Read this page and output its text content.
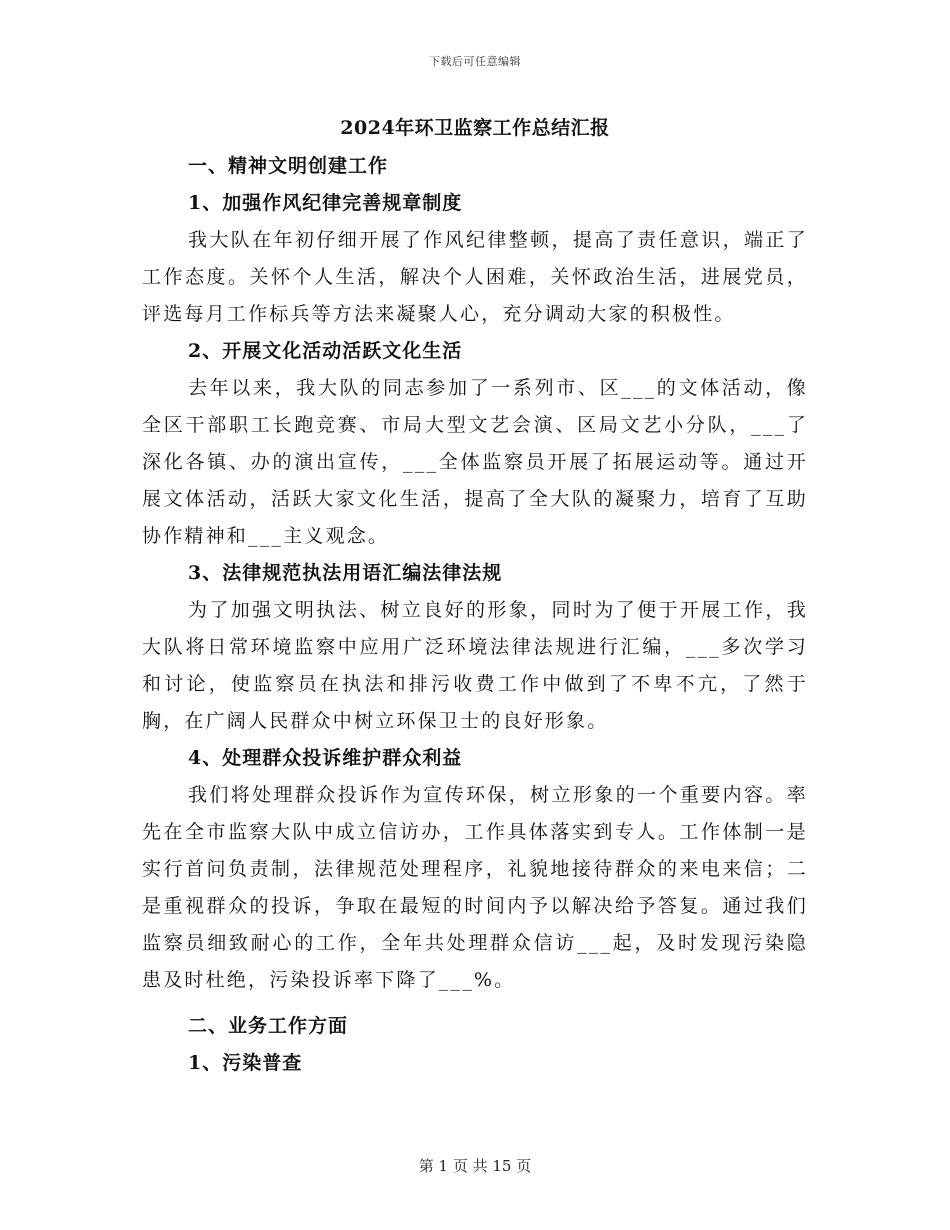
下载后可任意编辑
2024年环卫监察工作总结汇报
一、精神文明创建工作
1、加强作风纪律完善规章制度

我大队在年初仔细开展了作风纪律整顿，提高了责任意识，端正了工作态度。关怀个人生活，解决个人困难，关怀政治生活，进展党员，评选每月工作标兵等方法来凝聚人心，充分调动大家的积极性。

2、开展文化活动活跃文化生活

去年以来，我大队的同志参加了一系列市、区___的文体活动，像全区干部职工长跑竞赛、市局大型文艺会演、区局文艺小分队，___了深化各镇、办的演出宣传，___全体监察员开展了拓展运动等。通过开展文体活动，活跃大家文化生活，提高了全大队的凝聚力，培育了互助协作精神和___主义观念。

3、法律规范执法用语汇编法律法规

为了加强文明执法、树立良好的形象，同时为了便于开展工作，我大队将日常环境监察中应用广泛环境法律法规进行汇编，___多次学习和讨论，使监察员在执法和排污收费工作中做到了不卑不亢，了然于胸，在广阔人民群众中树立环保卫士的良好形象。

4、处理群众投诉维护群众利益

我们将处理群众投诉作为宣传环保，树立形象的一个重要内容。率先在全市监察大队中成立信访办，工作具体落实到专人。工作体制一是实行首问负责制，法律规范处理程序，礼貌地接待群众的来电来信；二是重视群众的投诉，争取在最短的时间内予以解决给予答复。通过我们监察员细致耐心的工作，全年共处理群众信访___起，及时发现污染隐患及时杜绝，污染投诉率下降了___%。

二、业务工作方面
1、污染普查
第 1 页 共 15 页
